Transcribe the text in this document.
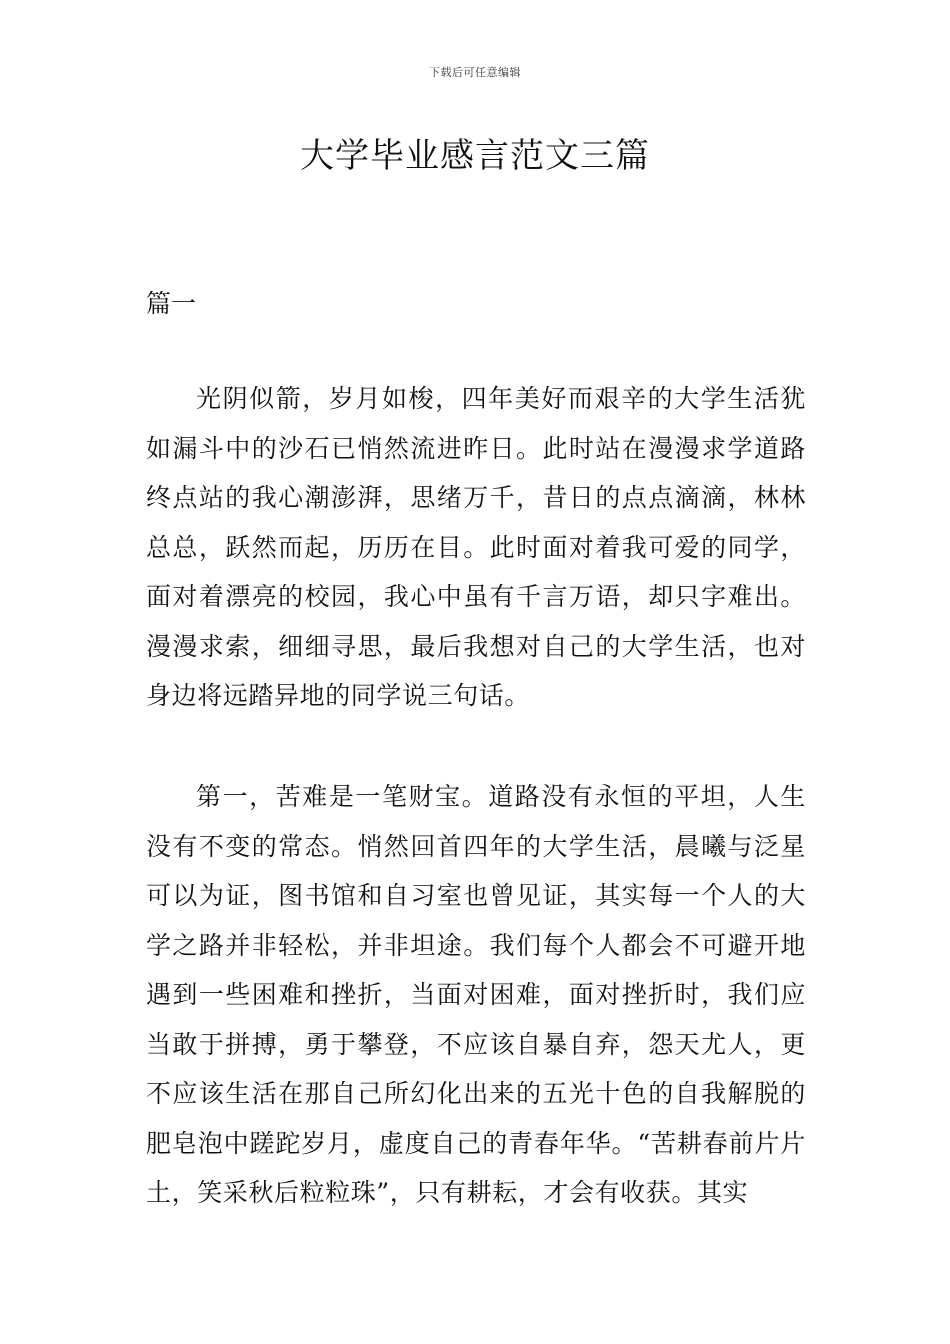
下载后可任意编辑
大学毕业感言范文三篇
篇一

光阴似箭，岁月如梭，四年美好而艰辛的大学生活犹如漏斗中的沙石已悄然流进昨日。此时站在漫漫求学道路终点站的我心潮澎湃，思绪万千，昔日的点点滴滴，林林总总，跃然而起，历历在目。此时面对着我可爱的同学，面对着漂亮的校园，我心中虽有千言万语，却只字难出。漫漫求索，细细寻思，最后我想对自己的大学生活，也对身边将远踏异地的同学说三句话。

第一，苦难是一笔财宝。道路没有永恒的平坦，人生没有不变的常态。悄然回首四年的大学生活，晨曦与泛星可以为证，图书馆和自习室也曾见证，其实每一个人的大学之路并非轻松，并非坦途。我们每个人都会不可避开地遇到一些困难和挫折，当面对困难，面对挫折时，我们应当敢于拼搏，勇于攀登，不应该自暴自弃，怨天尤人，更不应该生活在那自己所幻化出来的五光十色的自我解脱的肥皂泡中蹉跎岁月，虚度自己的青春年华。“苦耕春前片片土，笑采秋后粒粒珠”，只有耕耘，才会有收获。其实
